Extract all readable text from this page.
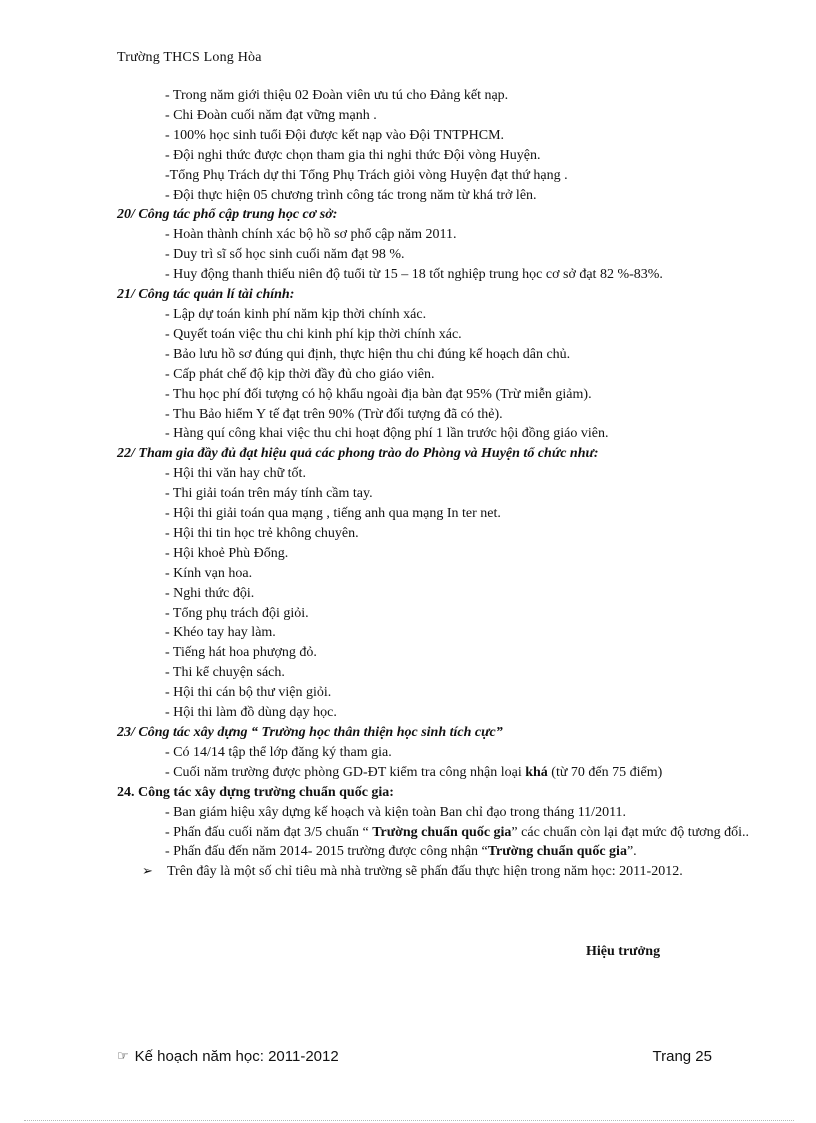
Trường THCS Long Hòa
- Trong năm giới thiệu 02 Đoàn viên ưu tú cho Đảng kết nạp.
- Chi Đoàn cuối năm đạt vững mạnh .
- 100% học sinh tuổi Đội được kết nạp vào Đội TNTPHCM.
- Đội nghi thức được chọn tham gia thi nghi thức Đội vòng Huyện.
-Tổng Phụ Trách dự thi Tổng Phụ Trách giỏi vòng Huyện đạt thứ hạng .
- Đội thực hiện 05 chương trình công tác trong năm từ khá trở lên.
20/ Công tác phổ cập trung học cơ sở:
- Hoàn thành chính xác bộ hồ sơ phổ cập năm 2011.
- Duy trì sĩ số học sinh cuối năm đạt 98 %.
- Huy động thanh thiếu niên độ tuổi từ 15 – 18 tốt nghiệp trung học cơ sở đạt 82 %-83%.
21/ Công tác quản lí tài chính:
- Lập dự toán kinh phí năm kịp thời chính xác.
- Quyết toán việc thu chi kinh phí kịp thời chính xác.
- Bảo lưu hồ sơ đúng qui định, thực hiện thu chi đúng kế hoạch dân chủ.
- Cấp phát chế độ kịp thời đầy đủ cho giáo viên.
- Thu học phí đối tượng có hộ khẩu ngoài địa bàn đạt 95% (Trừ miễn giảm).
- Thu Bảo hiểm Y tế đạt trên 90% (Trừ đối tượng đã có thẻ).
- Hàng quí công khai việc thu chi hoạt động phí 1 lần trước hội đồng giáo viên.
22/ Tham gia đầy đủ đạt hiệu quả các phong trào do Phòng và Huyện tổ chức như:
- Hội thi văn hay chữ tốt.
- Thi giải toán trên máy tính cầm tay.
- Hội thi giải toán qua mạng , tiếng anh qua mạng In ter net.
- Hội thi tin học trẻ không chuyên.
- Hội khoẻ Phù Đổng.
- Kính vạn hoa.
- Nghi thức đội.
- Tổng phụ trách đội giỏi.
- Khéo tay hay làm.
- Tiếng hát hoa phượng đỏ.
- Thi kể chuyện sách.
- Hội thi cán bộ thư viện giỏi.
- Hội thi làm đồ dùng dạy học.
23/ Công tác xây dựng “ Trường học thân thiện học sinh tích cực”
- Có 14/14 tập thể lớp đăng ký tham gia.
- Cuối năm trường được phòng GD-ĐT kiểm tra công nhận loại khá (từ 70 đến 75 điểm)
24. Công tác xây dựng trường chuẩn quốc gia:
- Ban giám hiệu xây dựng kế hoạch và kiện toàn Ban chỉ đạo trong tháng 11/2011.
- Phấn đấu cuối năm đạt 3/5 chuẩn “ Trường chuẩn quốc gia” các chuẩn còn lại đạt mức độ tương đối..
- Phấn đấu đến năm 2014- 2015 trường được công nhận “Trường chuẩn quốc gia”.
➢	Trên đây là một số chỉ tiêu mà nhà trường sẽ phấn đấu thực hiện trong năm học: 2011-2012.
Hiệu trưởng
☞ Kế hoạch năm học: 2011-2012	Trang 25
